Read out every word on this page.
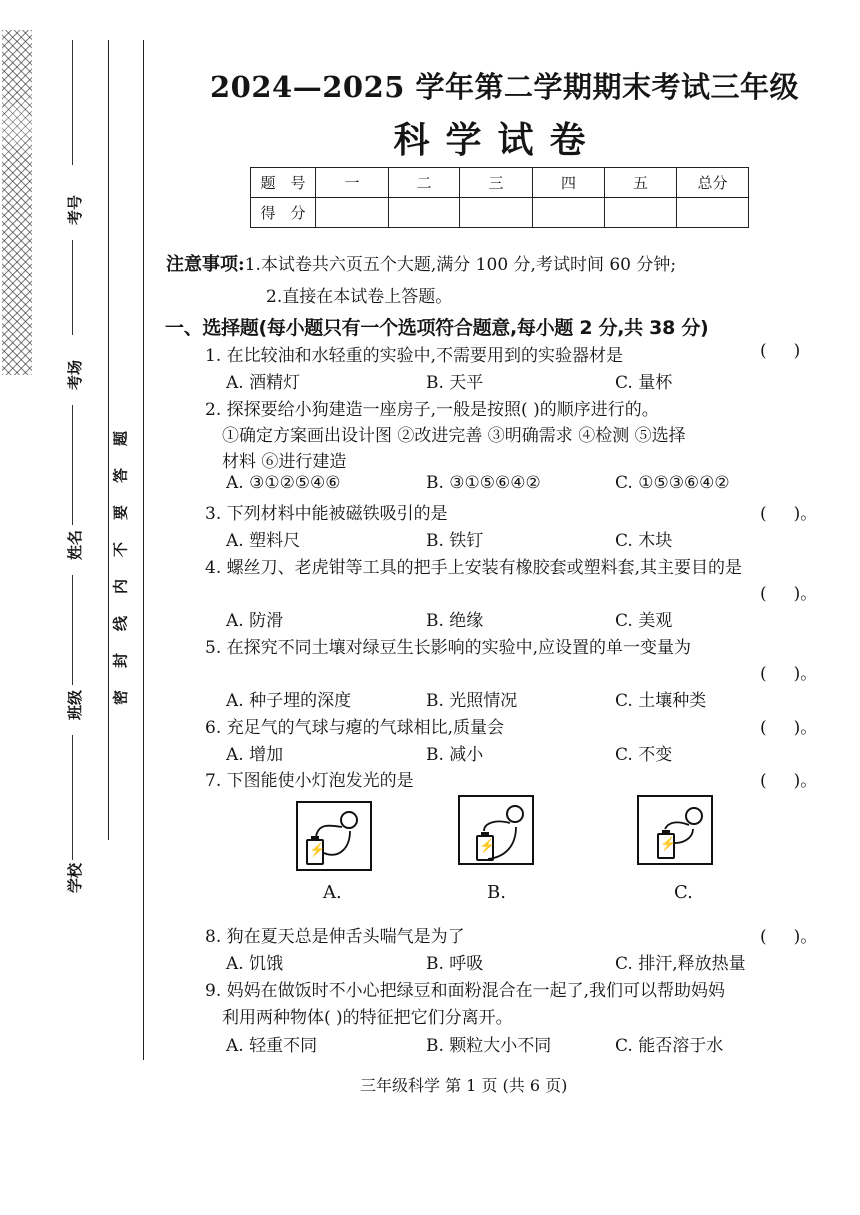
考号
考场
姓名
班级
学校
题
答
要
不
内
线
封
密
2024—2025 学年第二学期期末考试三年级
科学试卷
题　号	一	二	三	四	五	总分
得　分						
注意事项:1.本试卷共六页五个大题,满分 100 分,考试时间 60 分钟;
2.直接在本试卷上答题。
一、选择题(每小题只有一个选项符合题意,每小题 2 分,共 38 分)
1. 在比较油和水轻重的实验中,不需要用到的实验器材是	(     )
A. 酒精灯	B. 天平	C. 量杯
2. 探探要给小狗建造一座房子,一般是按照( )的顺序进行的。
①确定方案画出设计图 ②改进完善 ③明确需求 ④检测 ⑤选择
材料 ⑥进行建造
A. ③①②⑤④⑥	B. ③①⑤⑥④②	C. ①⑤③⑥④②
3. 下列材料中能被磁铁吸引的是	(     )。
A. 塑料尺	B. 铁钉	C. 木块
4. 螺丝刀、老虎钳等工具的把手上安装有橡胶套或塑料套,其主要目的是
(     )。
A. 防滑	B. 绝缘	C. 美观
5. 在探究不同土壤对绿豆生长影响的实验中,应设置的单一变量为
(     )。
A. 种子埋的深度	B. 光照情况	C. 土壤种类
6. 充足气的气球与瘪的气球相比,质量会	(     )。
A. 增加	B. 减小	C. 不变
7. 下图能使小灯泡发光的是	(     )。
⚡
A.
⚡
B.
⚡
C.
8. 狗在夏天总是伸舌头喘气是为了	(     )。
A. 饥饿	B. 呼吸	C. 排汗,释放热量
9. 妈妈在做饭时不小心把绿豆和面粉混合在一起了,我们可以帮助妈妈
利用两种物体( )的特征把它们分离开。
A. 轻重不同	B. 颗粒大小不同	C. 能否溶于水
三年级科学 第 1 页 (共 6 页)
